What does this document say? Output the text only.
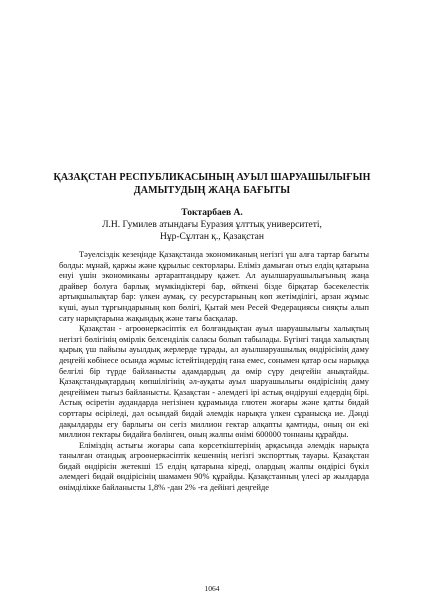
ҚАЗАҚСТАН РЕСПУБЛИКАСЫНЫҢ АУЫЛ ШАРУАШЫЛЫҒЫН
ДАМЫТУДЫҢ ЖАҢА БАҒЫТЫ
Токтарбаев А.
Л.Н. Гумилев атындағы Еуразия ұлттық университеті,
Нұр-Сұлтан қ., Қазақстан

Тәуелсіздік кезеңінде Қазақстанда экономиканың негізгі үш алға тартар бағыты болды: мұнай, қаржы және құрылыс секторлары. Еліміз дамыған отыз елдің қатарына енуі үшін экономиканы әртараптандыру қажет. Ал ауылшаруашылығының жаңа драйвер болуға барлық мүмкіндіктері бар, өйткені бізде бірқатар бәсекелестік артықшылықтар бар: үлкен аумақ, су ресурстарының көп жетімділігі, арзан жұмыс күші, ауыл тұрғындарының көп бөлігі, Қытай мен Ресей Федерациясы сияқты алып сату нарықтарына жақындық және тағы басқалар.

Қазақстан - агроөнеркәсіптік ел болғандықтан ауыл шаруашылығы халықтың негізгі бөлігінің өмірлік белсенділік саласы болып табылады. Бүгінгі таңда халықтың қырық үш пайызы ауылдық жерлерде тұрады, ал ауылшаруашылық өндірісінің даму деңгейі көбінесе осында жұмыс істейтіндердің ғана емес, сонымен қатар осы нарыққа белгілі бір түрде байланысты адамдардың да өмір сүру деңгейін анықтайды. Қазақстандықтардың көпшілігінің әл-ауқаты ауыл шаруашылығы өндірісінің даму деңгейімен тығыз байланысты. Қазақстан - әлемдегі ірі астық өндіруші елдердің бірі. Астық өсіретін аудандарда негізінен құрамында глютен жоғары және қатты бидай сорттары өсіріледі, дәл осындай бидай әлемдік нарықта үлкен сұранысқа ие. Дәнді дақылдарды егу барлығы он сегіз миллион гектар алқапты қамтиды, оның он екі миллион гектары бидайға бөлінген, оның жалпы өнімі 600000 тоннаны құрайды.

Еліміздің астығы жоғары сапа көрсеткіштерінің арқасында әлемдік нарықта танылған отандық агроөнеркәсіптік кешеннің негізгі экспорттық тауары. Қазақстан бидай өндірісін жетекші 15 елдің қатарына кіреді, олардың жалпы өндірісі бүкіл әлемдегі бидай өндірісінің шамамен 90% құрайды. Қазақстанның үлесі әр жылдарда өнімділікке байланысты 1,8% -дан 2% -ға дейінгі деңгейде

1064
